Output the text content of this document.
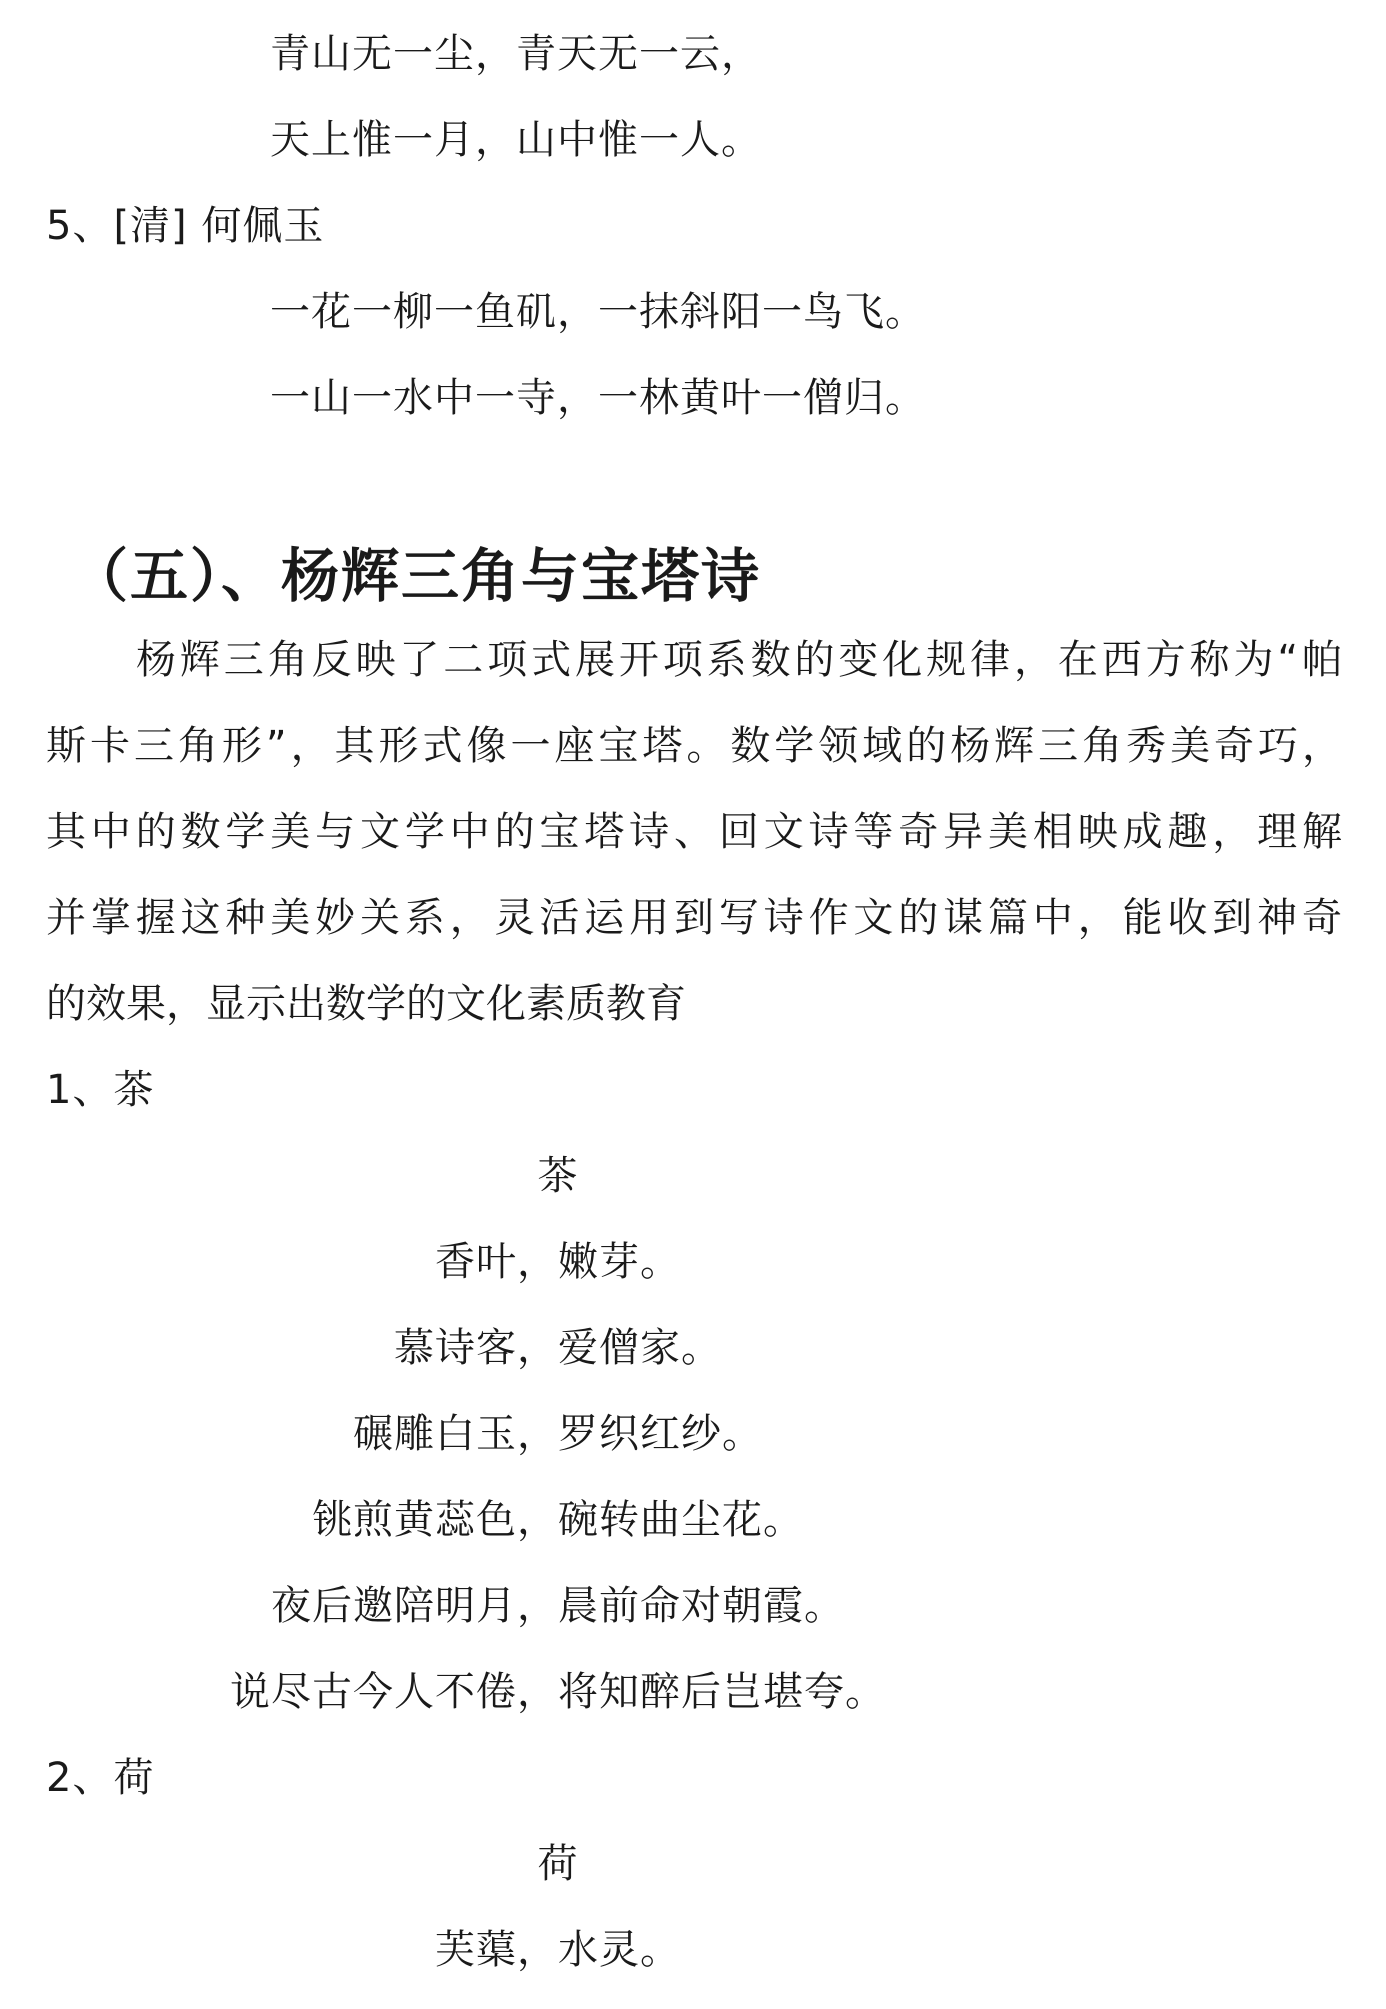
青山无一尘，青天无一云，
天上惟一月，山中惟一人。
5、[清] 何佩玉
一花一柳一鱼矶，一抹斜阳一鸟飞。
一山一水中一寺，一林黄叶一僧归。
（五）、杨辉三角与宝塔诗
杨辉三角反映了二项式展开项系数的变化规律，在西方称为“帕
斯卡三角形”，其形式像一座宝塔。数学领域的杨辉三角秀美奇巧，
其中的数学美与文学中的宝塔诗、回文诗等奇异美相映成趣，理解
并掌握这种美妙关系，灵活运用到写诗作文的谋篇中，能收到神奇
的效果，显示出数学的文化素质教育
1、茶
茶
香叶，嫩芽。
慕诗客，爱僧家。
碾雕白玉，罗织红纱。
铫煎黄蕊色，碗转曲尘花。
夜后邀陪明月，晨前命对朝霞。
说尽古今人不倦，将知醉后岂堪夸。
2、荷
荷
芙蕖，水灵。
